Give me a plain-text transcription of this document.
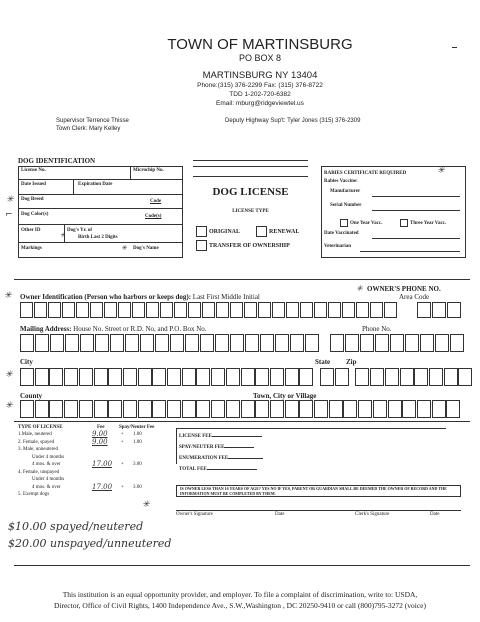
TOWN OF MARTINSBURG
PO BOX 8
MARTINSBURG NY 13404
Phone:(315) 376-2299 Fax: (315) 376-8722
TDD 1-202-720-6382
Email: mburg@ridgeviewtel.us
Supervisor Terrence Thisse
Town Clerk: Mary Kelley
Deputy Highway Sup't: Tyler Jones (315) 376-2309
DOG IDENTIFICATION
License No.	Microchip No.
Date Issued	Expiration Date
Dog Breed	Code
Dog Color(s)	Code(s)
Other ID	Dog's Yr. of
Birth Last 2 Digits
Markings	Dog's Name
✳
⌐
✳
✳
DOG LICENSE
LICENSE TYPE
ORIGINAL	RENEWAL
TRANSFER OF OWNERSHIP
RABIES CERTIFICATE REQUIRED	✳
Rabies Vaccine:
Manufacturer
Serial Number
One Year Vacc.	Three Year Vacc.
Date Vaccinated
Veterinarian
✳ Owner Identification (Person who harbors or keeps dog): Last First Middle Initial
✳ OWNER'S PHONE NO.
Area Code
Mailing Address: House No. Street or R.D. No, and P.O. Box No.	Phone No.
City	State Zip
✳
County	Town, City or Village
✳
TYPE OF LICENSE	Fee	Spay/Neuter Fee
1.Male, neutered	9.00	+ 1.00
2. Female, spayed	9.00	+ 1.00
3. Male, unneutered
Under 4 months
4 mos. & over	17.00 + 3.00
4. Female, unspayed
Under 4 months
4 mos. & over	17.00 + 3.00
5. Exempt dogs
LICENSE FEE
SPAY/NEUTER FEE
ENUMERATION FEE
TOTAL FEE
IS OWNER LESS THAN 16 YEARS OF AGE? YES NO IF YES, PARENT OR GUARDIAN SHALL BE DEEMED THE OWNER OF RECORD AND THE INFORMATION MUST BE COMPLETED BY THEM.
✳
Owner's Signature	Date	Clerk's Signature	Date
$10.00 spayed/neutered
$20.00 unspayed/unneutered
This institution is an equal opportunity provider, and employer. To file a complaint of discrimination, write to: USDA,
Director, Office of Civil Rights, 1400 Independence Ave., S.W.,Washington , DC 20250-9410 or call (800)795-3272 (voice)
